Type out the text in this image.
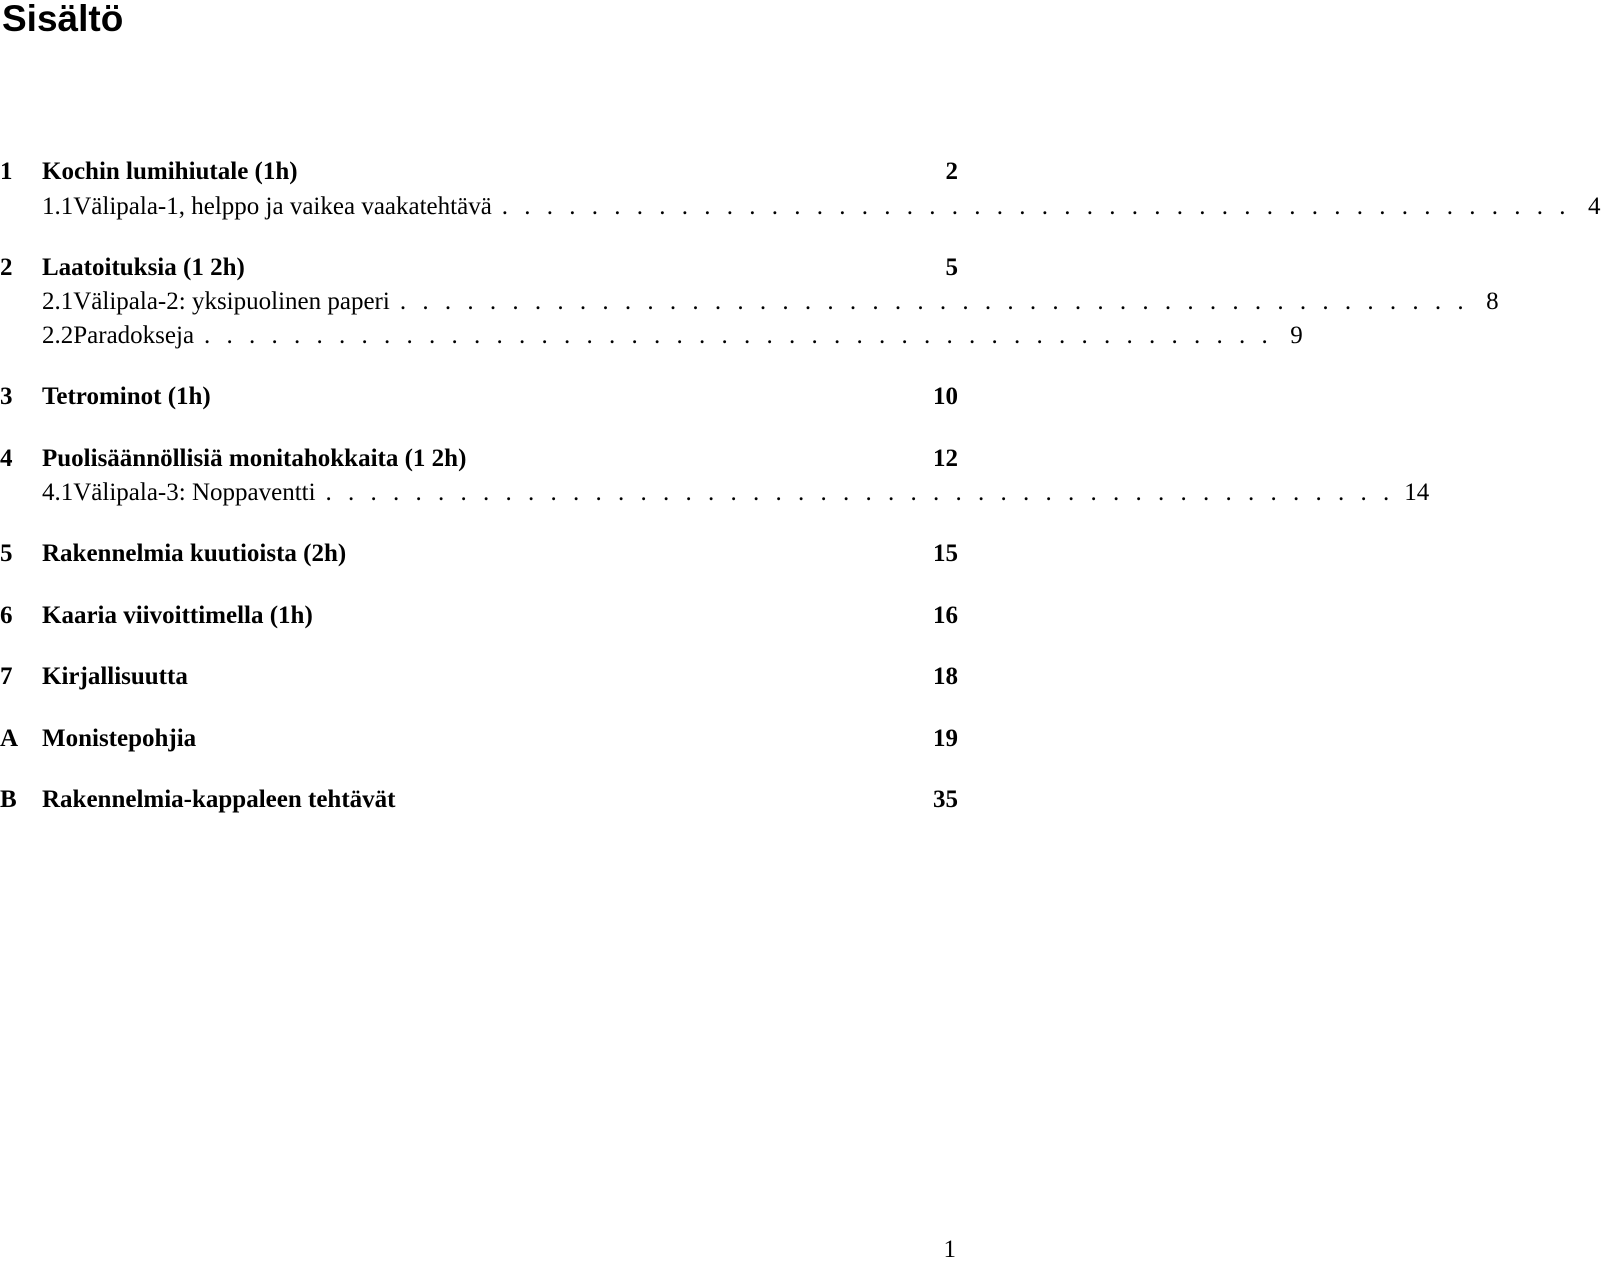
Sisältö
1	Kochin lumihiutale (1h)	2
1.1 Välipala-1, helppo ja vaikea vaakatehtävä . . . . . . . . . . . . . . . . . . . . . . . . . . . . . . . . . . . . . . . . . . . . . . . . 4
2	Laatoituksia (1 2h)	5
2.1 Välipala-2: yksipuolinen paperi . . . . . . . . . . . . . . . . . . . . . . . . . . . . . . . . . . . . . . . . . . . . . . . . 8
2.2 Paradokseja . . . . . . . . . . . . . . . . . . . . . . . . . . . . . . . . . . . . . . . . . . . . . . . . 9
3	Tetrominot (1h)	10
4	Puolisäännöllisiä monitahokkaita (1 2h)	12
4.1 Välipala-3: Noppaventti . . . . . . . . . . . . . . . . . . . . . . . . . . . . . . . . . . . . . . . . . . . . . . . . 14
5	Rakennelmia kuutioista (2h)	15
6	Kaaria viivoittimella (1h)	16
7	Kirjallisuutta	18
A Monistepohjia	19
B	Rakennelmia-kappaleen tehtävät	35

1
